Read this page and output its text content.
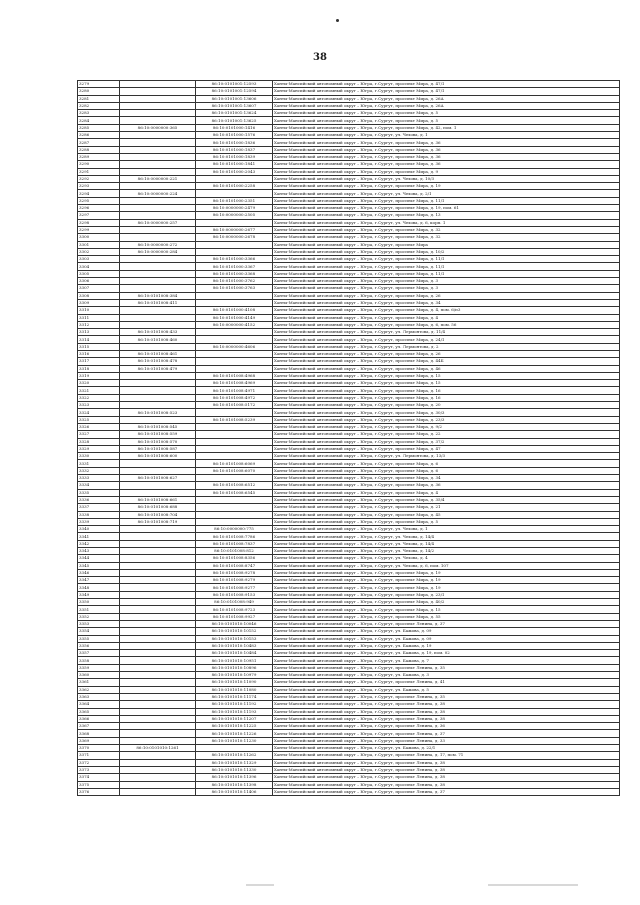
38
3279		86:10:0101001:12593	Ханты-Мансийский автономный округ – Югра, г.Сургут, проспект Мира, д. 47/1
3280		86:10:0101001:12594	Ханты-Мансийский автономный округ – Югра, г.Сургут, проспект Мира, д. 47/1
3281		86:10:0101001:13606	Ханты-Мансийский автономный округ – Югра, г.Сургут, проспект Мира, д. 26А
3282		86:10:0101001:13607	Ханты-Мансийский автономный округ – Югра, г.Сургут, проспект Мира, д. 26А
3283		86:10:0101001:13624	Ханты-Мансийский автономный округ – Югра, г.Сургут, проспект Мира, д. 5
3284		86:10:0101001:13625	Ханты-Мансийский автономный округ – Югра, г.Сургут, проспект Мира, д. 5
3285	86:10:0000000:365	86:10:0101000:1416	Ханты-Мансийский автономный округ – Югра, г.Сургут, проспект Мира, д. 42, пом. 1
3286		86:10:0101000:1576	Ханты-Мансийский автономный округ – Югра, г.Сургут, ул. Чехова, д. 1
3287		86:10:0101000:1836	Ханты-Мансийский автономный округ – Югра, г.Сургут, проспект Мира, д. 36
3288		86:10:0101000:1837	Ханты-Мансийский автономный округ – Югра, г.Сургут, проспект Мира, д. 36
3289		86:10:0101000:1839	Ханты-Мансийский автономный округ – Югра, г.Сургут, проспект Мира, д. 36
3290		86:10:0101000:1841	Ханты-Мансийский автономный округ – Югра, г.Сургут, проспект Мира, д. 36
3291		86:10:0101000:2043	Ханты-Мансийский автономный округ – Югра, г.Сургут, проспект Мира, д. 9
3292	86:10:0000000:221		Ханты-Мансийский автономный округ – Югра, г.Сургут, ул. Чехова, д. 10/3
3293		86:10:0101000:2258	Ханты-Мансийский автономный округ – Югра, г.Сургут, проспект Мира, д. 19
3294	86:10:0000000:224		Ханты-Мансийский автономный округ – Югра, г.Сургут, ул. Чехова, д. 2/1
3295		86:10:0101000:2351	Ханты-Мансийский автономный округ – Югра, г.Сургут, проспект Мира, д. 11/1
3296		86:10:0000000:2479	Ханты-Мансийский автономный округ – Югра, г.Сургут, проспект Мира, д. 19, пом. 61
3297		86:10:0000000:2505	Ханты-Мансийский автономный округ – Югра, г.Сургут, проспект Мира, д. 13
3298	86:10:0000000:257		Ханты-Мансийский автономный округ – Югра, г.Сургут, ул. Чехова, д. 6, корп. 1
3299		86:10:0000000:2677	Ханты-Мансийский автономный округ – Югра, г.Сургут, проспект Мира, д. 32
3300		86:10:0000000:2678	Ханты-Мансийский автономный округ – Югра, г.Сургут, проспект Мира, д. 32
3301	86:10:0000000:272		Ханты-Мансийский автономный округ – Югра, г.Сургут, проспект Мира
3302	86:10:0000000:284		Ханты-Мансийский автономный округ – Югра, г.Сургут, проспект Мира, д. 10/2
3303		86:10:0101000:3366	Ханты-Мансийский автономный округ – Югра, г.Сургут, проспект Мира, д. 11/1
3304		86:10:0101000:3367	Ханты-Мансийский автономный округ – Югра, г.Сургут, проспект Мира, д. 11/1
3305		86:10:0101000:3368	Ханты-Мансийский автономный округ – Югра, г.Сургут, проспект Мира, д. 11/1
3306		86:10:0101000:3762	Ханты-Мансийский автономный округ – Югра, г.Сургут, проспект Мира, д. 3
3307		86:10:0101000:3763	Ханты-Мансийский автономный округ – Югра, г.Сургут, проспект Мира, д. 3
3308	86:10:0101008:384		Ханты-Мансийский автономный округ – Югра, г.Сургут, проспект Мира, д. 26
3309	86:10:0101008:411		Ханты-Мансийский автономный округ – Югра, г.Сургут, проспект Мира, д. 34
3310		86:10:0101000:4108	Ханты-Мансийский автономный округ – Югра, г.Сургут, проспект Мира, д. 4, пом. 6/п3
3311		86:10:0101000:4149	Ханты-Мансийский автономный округ – Югра, г.Сургут, проспект Мира, д. 4
3312		86:10:0000000:4152	Ханты-Мансийский автономный округ – Югра, г.Сургут, проспект Мира, д. 6, пом. 56
3313	86:10:0101008:433		Ханты-Мансийский автономный округ – Югра, г.Сургут, ул. Лермонтова, д. 11/4
3314	86:10:0101008:460		Ханты-Мансийский автономный округ – Югра, г.Сургут, проспект Мира, д. 24/1
3315		86:10:0000000:4606	Ханты-Мансийский автономный округ – Югра, г.Сургут, ул. Лермонтова, д. 2
3316	86:10:0101008:461		Ханты-Мансийский автономный округ – Югра, г.Сургут, проспект Мира, д. 26
3317	86:10:0101008:478		Ханты-Мансийский автономный округ – Югра, г.Сургут, проспект Мира, д. 44Б
3318	86:10:0101008:479		Ханты-Мансийский автономный округ – Югра, г.Сургут, проспект Мира, д. 46
3319		86:10:0101008:4968	Ханты-Мансийский автономный округ – Югра, г.Сургут, проспект Мира, д. 15
3320		86:10:0101008:4969	Ханты-Мансийский автономный округ – Югра, г.Сургут, проспект Мира, д. 15
3321		86:10:0101008:4971	Ханты-Мансийский автономный округ – Югра, г.Сургут, проспект Мира, д. 16
3322		86:10:0101008:4972	Ханты-Мансийский автономный округ – Югра, г.Сургут, проспект Мира, д. 16
3323		86:10:0101008:5172	Ханты-Мансийский автономный округ – Югра, г.Сургут, проспект Мира, д. 20
3324	86:10:0101008:523		Ханты-Мансийский автономный округ – Югра, г.Сургут, проспект Мира, д. 30/3
3325		86:10:0101008:5239	Ханты-Мансийский автономный округ – Югра, г.Сургут, проспект Мира, д. 23/3
3326	86:10:0101008:545		Ханты-Мансийский автономный округ – Югра, г.Сургут, проспект Мира, д. 9/2
3327	86:10:0101008:559		Ханты-Мансийский автономный округ – Югра, г.Сургут, проспект Мира, д. 22
3328	86:10:0101008:570		Ханты-Мансийский автономный округ – Югра, г.Сургут, проспект Мира, д. 37/2
3329	86:10:0101008:587		Ханты-Мансийский автономный округ – Югра, г.Сургут, проспект Мира, д. 47
3330	86:10:0101008:600		Ханты-Мансийский автономный округ – Югра, г.Сургут, ул. Лермонтова, д. 13/3
3331		86:10:0101008:6069	Ханты-Мансийский автономный округ – Югра, г.Сургут, проспект Мира, д. 6
3332		86:10:0101008:6070	Ханты-Мансийский автономный округ – Югра, г.Сургут, проспект Мира, д. 6
3333	86:10:0101008:627		Ханты-Мансийский автономный округ – Югра, г.Сургут, проспект Мира, д. 34
3334		86:10:0101008:6512	Ханты-Мансийский автономный округ – Югра, г.Сургут, проспект Мира, д. 36
3335		86:10:0101008:6545	Ханты-Мансийский автономный округ – Югра, г.Сургут, проспект Мира, д. 4
3336	86:10:0101008:661		Ханты-Мансийский автономный округ – Югра, г.Сургут, проспект Мира, д. 35/4
3337	86:10:0101008:688		Ханты-Мансийский автономный округ – Югра, г.Сургут, проспект Мира, д. 21
3338	86:10:0101008:704		Ханты-Мансийский автономный округ – Югра, г.Сургут, проспект Мира, д. 45
3339	86:10:0101008:719		Ханты-Мансийский автономный округ – Югра, г.Сургут, проспект Мира, д. 5
3340		86:10:0000000:775	Ханты-Мансийский автономный округ – Югра, г.Сургут, ул. Чехова, д. 1
3341		86:10:0101008:7786	Ханты-Мансийский автономный округ – Югра, г.Сургут, ул. Чехова, д. 14/4
3342		86:10:0101008:7837	Ханты-Мансийский автономный округ – Югра, г.Сургут, ул. Чехова, д. 14/4
3343		86:10:0101008:812	Ханты-Мансийский автономный округ – Югра, г.Сургут, ул. Чехова, д. 14/2
3344		86:10:0101008:8356	Ханты-Мансийский автономный округ – Югра, г.Сургут, ул. Чехова, д. 4
3345		86:10:0101008:8747	Ханты-Мансийский автономный округ – Югра, г.Сургут, ул. Чехова, д. 6, пом. 107
3346		86:10:0101008:9278	Ханты-Мансийский автономный округ – Югра, г.Сургут, проспект Мира, д. 19
3347		86:10:0101008:9279	Ханты-Мансийский автономный округ – Югра, г.Сургут, проспект Мира, д. 19
3348		86:10:0101008:9277	Ханты-Мансийский автономный округ – Югра, г.Сургут, проспект Мира, д. 19
3349		86:10:0101008:9153	Ханты-Мансийский автономный округ – Югра, г.Сургут, проспект Мира, д. 23/1
3350		86:10:0101008:949	Ханты-Мансийский автономный округ – Югра, г.Сургут, проспект Мира, д. 40/2
3351		86:10:0101008:9723	Ханты-Мансийский автономный округ – Югра, г.Сургут, проспект Мира, д. 15
3352		86:10:0101008:9927	Ханты-Мансийский автономный округ – Югра, г.Сургут, проспект Мира, д. 55
3353		86:10:0101010:10046	Ханты-Мансийский автономный округ – Югра, г.Сургут, проспект Ленина, д. 37
3354		86:10:0101010:10152	Ханты-Мансийский автономный округ – Югра, г.Сургут, ул. Бажова, д. 09
3355		86:10:0101010:10153	Ханты-Мансийский автономный округ – Югра, г.Сургут, ул. Бажова, д. 09
3356		86:10:0101010:10483	Ханты-Мансийский автономный округ – Югра, г.Сургут, ул. Бажова, д. 19
3357		86:10:0101010:10484	Ханты-Мансийский автономный округ – Югра, г.Сургут, ул. Бажова, д. 19, пом. 02
3358		86:10:0101010:10951	Ханты-Мансийский автономный округ – Югра, г.Сургут, ул. Бажова, д. 7
3359		86:10:0101010:10896	Ханты-Мансийский автономный округ – Югра, г.Сургут, проспект Ленина, д. 35
3360		86:10:0101010:10979	Ханты-Мансийский автономный округ – Югра, г.Сургут, ул. Бажова, д. 3
3361		86:10:0101010:11090	Ханты-Мансийский автономный округ – Югра, г.Сургут, проспект Ленина, д. 41
3362		86:10:0101010:11080	Ханты-Мансийский автономный округ – Югра, г.Сургут, ул. Бажова, д. 5
3363		86:10:0101010:11174	Ханты-Мансийский автономный округ – Югра, г.Сургут, проспект Ленина, д. 35
3364		86:10:0101010:11192	Ханты-Мансийский автономный округ – Югра, г.Сургут, проспект Ленина, д. 38
3365		86:10:0101010:11193	Ханты-Мансийский автономный округ – Югра, г.Сургут, проспект Ленина, д. 38
3366		86:10:0101010:11207	Ханты-Мансийский автономный округ – Югра, г.Сургут, проспект Ленина, д. 38
3367		86:10:0101010:11225	Ханты-Мансийский автономный округ – Югра, г.Сургут, проспект Ленина, д. 36
3368		86:10:0101010:11226	Ханты-Мансийский автономный округ – Югра, г.Сургут, проспект Ленина, д. 37
3369		86:10:0101010:11230	Ханты-Мансийский автономный округ – Югра, г.Сургут, проспект Ленина, д. 33
3370	86:10:0101010:1261		Ханты-Мансийский автономный округ – Югра, г.Сургут, ул. Бажова, д. 22/1
3371		86:10:0101010:11262	Ханты-Мансийский автономный округ – Югра, г.Сургут, проспект Ленина, д. 17, пом. 71
3372		86:10:0101010:11329	Ханты-Мансийский автономный округ – Югра, г.Сургут, проспект Ленина, д. 38
3373		86:10:0101010:11330	Ханты-Мансийский автономный округ – Югра, г.Сургут, проспект Ленина, д. 38
3374		86:10:0101010:11396	Ханты-Мансийский автономный округ – Югра, г.Сургут, проспект Ленина, д. 38
3375		86:10:0101010:11398	Ханты-Мансийский автономный округ – Югра, г.Сургут, проспект Ленина, д. 38
3376		86:10:0101010:11406	Ханты-Мансийский автономный округ – Югра, г.Сургут, проспект Ленина, д. 37
